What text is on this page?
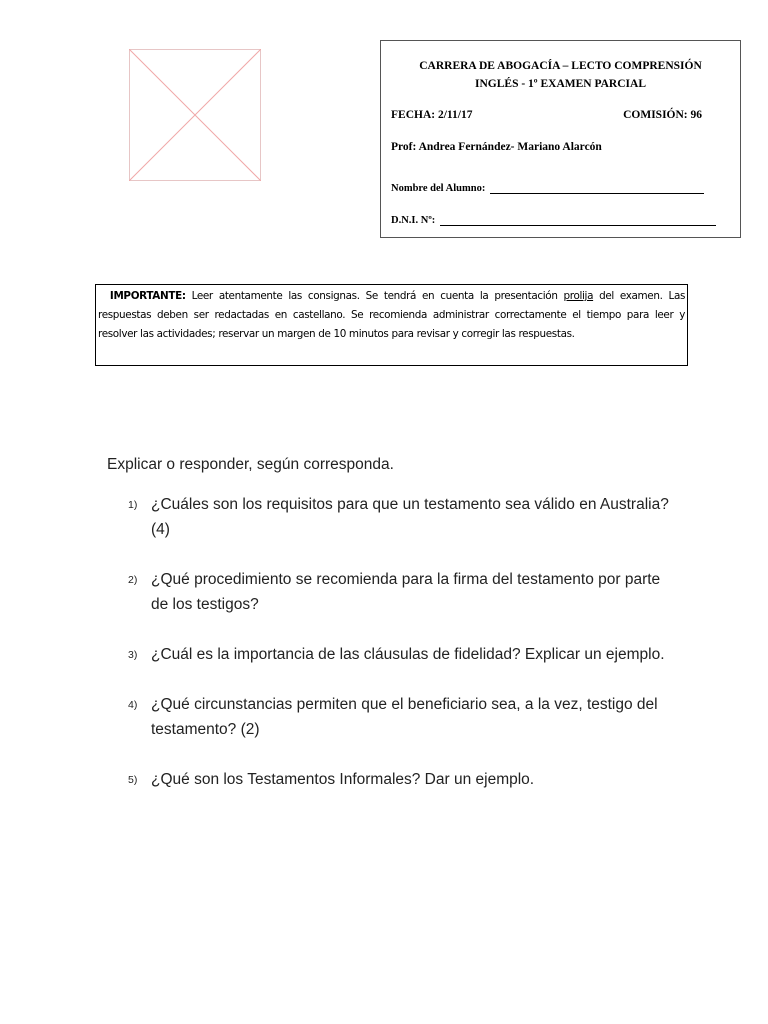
CARRERA DE ABOGACÍA – LECTO COMPRENSIÓN
INGLÉS - 1º EXAMEN PARCIAL
FECHA: 2/11/17	COMISIÓN: 96
Prof: Andrea Fernández- Mariano Alarcón
Nombre del Alumno:
D.N.I. Nº:
IMPORTANTE: Leer atentamente las consignas. Se tendrá en cuenta la presentación prolija del examen. Las respuestas deben ser redactadas en castellano. Se recomienda administrar correctamente el tiempo para leer y resolver las actividades; reservar un margen de 10 minutos para revisar y corregir las respuestas.
Explicar o responder, según corresponda.
1) ¿Cuáles son los requisitos para que un testamento sea válido en Australia? (4)
2) ¿Qué procedimiento se recomienda para la firma del testamento por parte de los testigos?
3) ¿Cuál es la importancia de las cláusulas de fidelidad? Explicar un ejemplo.
4) ¿Qué circunstancias permiten que el beneficiario sea, a la vez, testigo del testamento? (2)
5) ¿Qué son los Testamentos Informales? Dar un ejemplo.
